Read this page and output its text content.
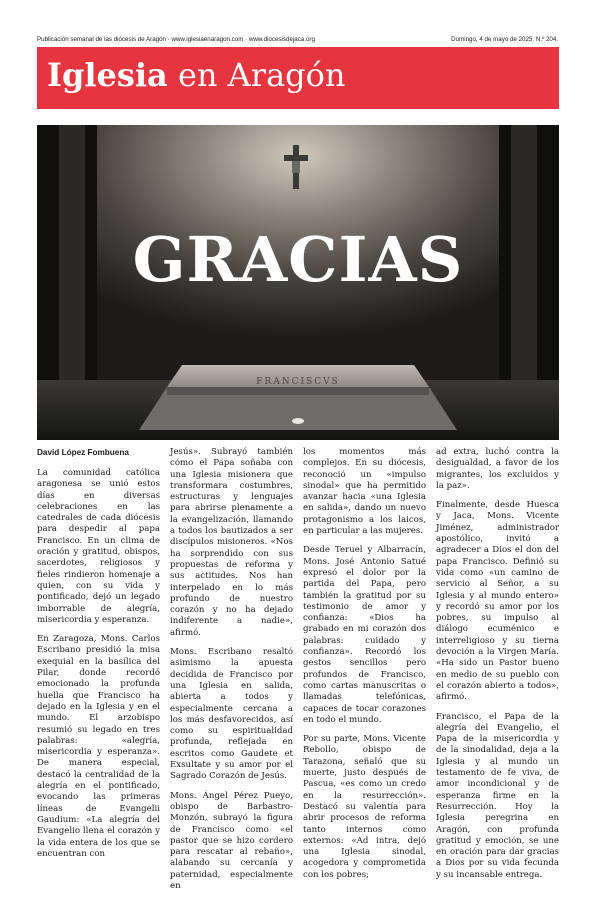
Publicación semanal de las diócesis de Aragón · www.iglesiaenaragon.com · www.diocesisdejaca.org	Domingo, 4 de mayo de 2025. N.º 204.
Iglesia en Aragón
FRANCISCVS
GRACIAS
David López Fombuena

La comunidad católica aragonesa se unió estos días en diversas celebraciones en las catedrales de cada diócesis para despedir al papa Francisco. En un clima de oración y gratitud, obispos, sacerdotes, religiosos y fieles rindieron homenaje a quien, con su vida y pontificado, dejó un legado imborrable de alegría, misericordia y esperanza.

En Zaragoza, Mons. Carlos Escribano presidió la misa exequial en la basílica del Pilar, donde recordó emocionado la profunda huella que Francisco ha dejado en la Iglesia y en el mundo. El arzobispo resumió su legado en tres palabras: «alegría, misericordia y esperanza». De manera especial, destacó la centralidad de la alegría en el pontificado, evocando las primeras líneas de Evangelii Gaudium: «La alegría del Evangelio llena el corazón y la vida entera de los que se encuentran con

Jesús». Subrayó también cómo el Papa soñaba con una Iglesia misionera que transformara costumbres, estructuras y lenguajes para abrirse plenamente a la evangelización, llamando a todos los bautizados a ser discípulos misioneros. «Nos ha sorprendido con sus propuestas de reforma y sus actitudes. Nos han interpelado en lo más profundo de nuestro corazón y no ha dejado indiferente a nadie», afirmó.

Mons. Escribano resaltó asimismo la apuesta decidida de Francisco por una Iglesia en salida, abierta a todos y especialmente cercana a los más desfavorecidos, así como su espiritualidad profunda, reflejada en escritos como Gaudete et Exsultate y su amor por el Sagrado Corazón de Jesús.

Mons. Ángel Pérez Pueyo, obispo de Barbastro-Monzón, subrayó la figura de Francisco como «el pastor que se hizo cordero para rescatar al rebaño», alabando su cercanía y paternidad, especialmente en

los momentos más complejos. En su diócesis, reconoció un «impulso sinodal» que ha permitido avanzar hacia «una Iglesia en salida», dando un nuevo protagonismo a los laicos, en particular a las mujeres.

Desde Teruel y Albarracín, Mons. José Antonio Satué expresó el dolor por la partida del Papa, pero también la gratitud por su testimonio de amor y confianza: «Dios ha grabado en mi corazón dos palabras: cuidado y confianza». Recordó los gestos sencillos pero profundos de Francisco, como cartas manuscritas o llamadas telefónicas, capaces de tocar corazones en todo el mundo.

Por su parte, Mons. Vicente Rebollo, obispo de Tarazona, señaló que su muerte, justo después de Pascua, «es como un credo en la resurrección». Destacó su valentía para abrir procesos de reforma tanto internos como externos: «Ad intra, dejó una Iglesia sinodal, acogedora y comprometida con los pobres;

ad extra, luchó contra la desigualdad, a favor de los migrantes, los excluidos y la paz».

Finalmente, desde Huesca y Jaca, Mons. Vicente Jiménez, administrador apostólico, invitó a agradecer a Dios el don del papa Francisco. Definió su vida como «un camino de servicio al Señor, a su Iglesia y al mundo entero» y recordó su amor por los pobres, su impulso al diálogo ecuménico e interreligioso y su tierna devoción a la Virgen María. «Ha sido un Pastor bueno en medio de su pueblo con el corazón abierto a todos», afirmó.

Francisco, el Papa de la alegría del Evangelio, el Papa de la misericordia y de la sinodalidad, deja a la Iglesia y al mundo un testamento de fe viva, de amor incondicional y de esperanza firme en la Resurrección. Hoy la Iglesia peregrina en Aragón, con profunda gratitud y emoción, se une en oración para dar gracias a Dios por su vida fecunda y su incansable entrega.
